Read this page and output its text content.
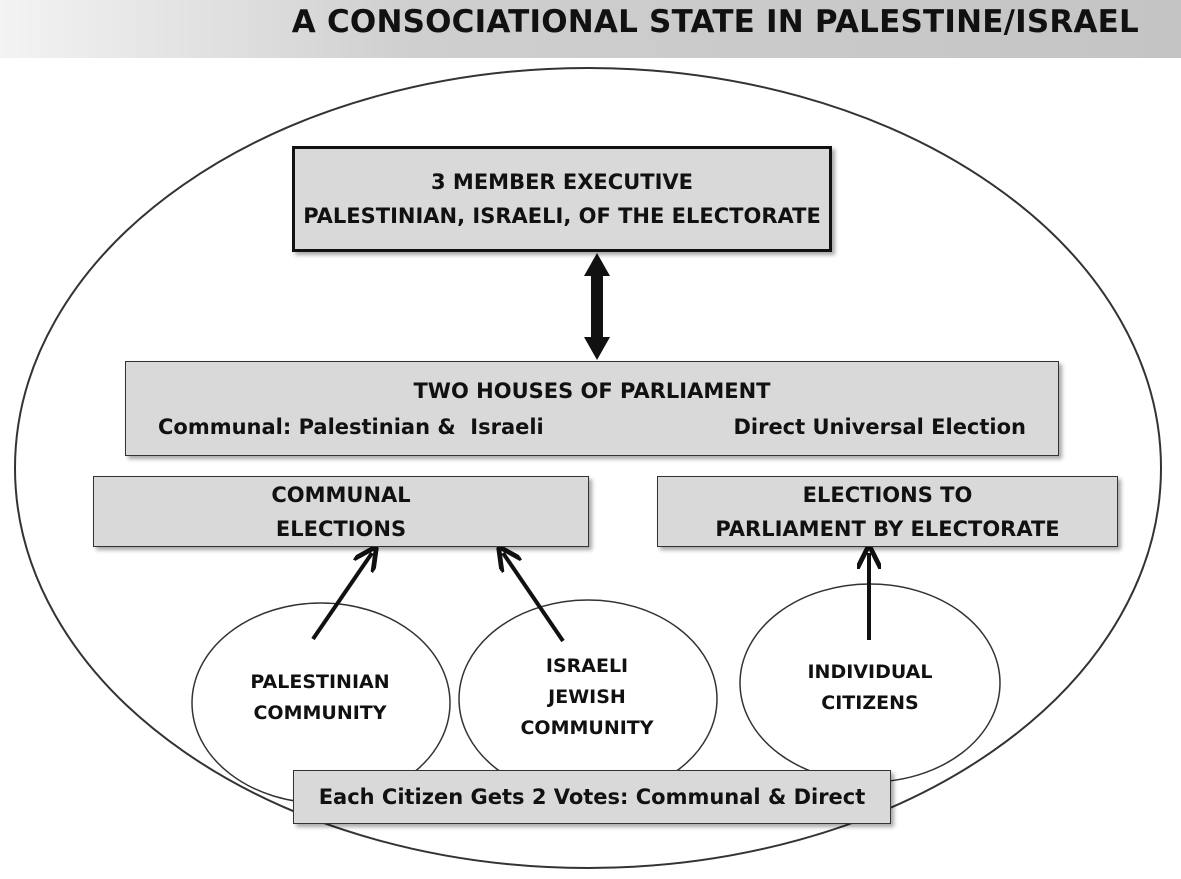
A CONSOCIATIONAL STATE IN PALESTINE/ISRAEL
3 MEMBER EXECUTIVE
PALESTINIAN, ISRAELI, OF THE ELECTORATE
TWO HOUSES OF PARLIAMENT
Communal: Palestinian &  Israeli	Direct Universal Election
COMMUNAL
ELECTIONS
ELECTIONS TO
PARLIAMENT BY ELECTORATE
PALESTINIAN
COMMUNITY
ISRAELI
JEWISH
COMMUNITY
INDIVIDUAL
CITIZENS
Each Citizen Gets 2 Votes: Communal & Direct
